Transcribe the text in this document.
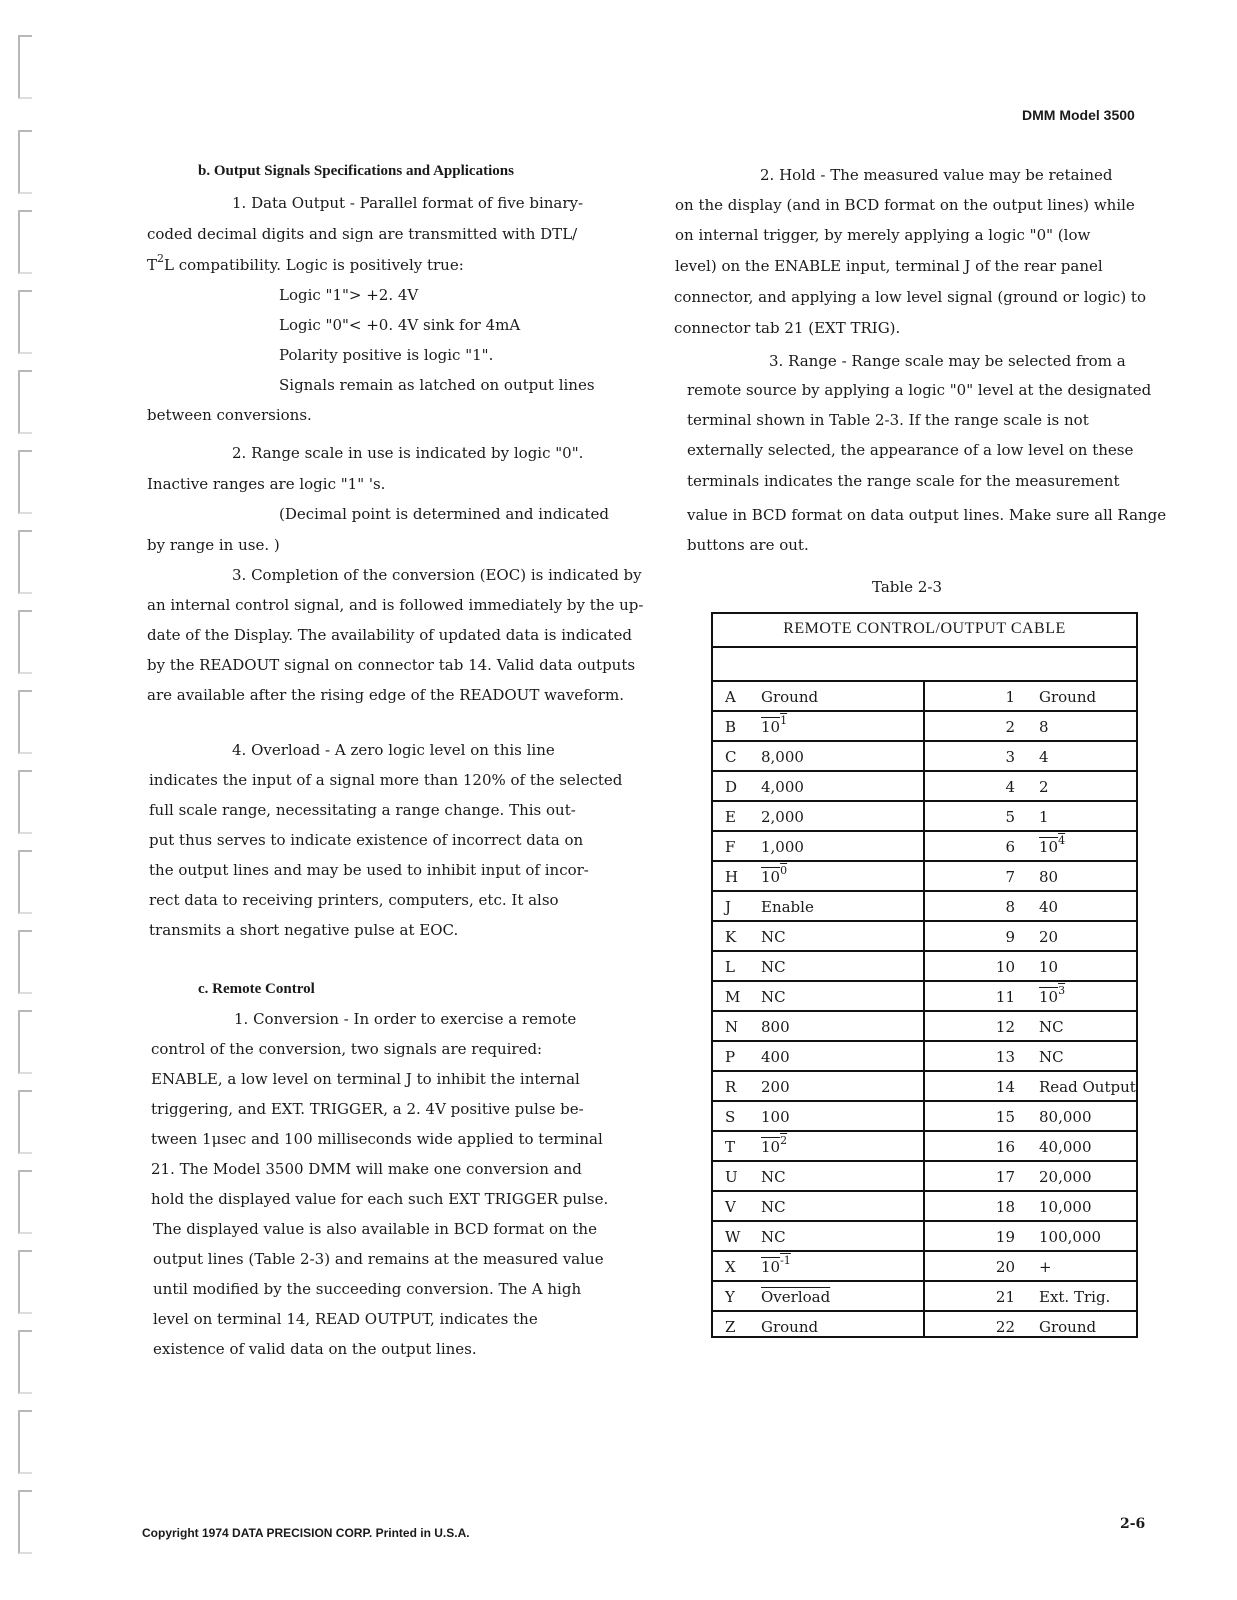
DMM Model 3500
b. Output Signals Specifications and Applications
1. Data Output - Parallel format of five binary-
coded decimal digits and sign are transmitted with DTL/
$T^2L$ compatibility. Logic is positively true:
Logic "1"> +2. 4V
Logic "0"< +0. 4V sink for 4mA
Polarity positive is logic "1".
Signals remain as latched on output lines
between conversions.
2. Range scale in use is indicated by logic "0".
Inactive ranges are logic "1" 's.
(Decimal point is determined and indicated
by range in use. )
3. Completion of the conversion (EOC) is indicated by
an internal control signal, and is followed immediately by the up-
date of the Display. The availability of updated data is indicated
by the READOUT signal on connector tab 14. Valid data outputs
are available after the rising edge of the READOUT waveform.
4. Overload - A zero logic level on this line
indicates the input of a signal more than 120% of the selected
full scale range, necessitating a range change. This out-
put thus serves to indicate existence of incorrect data on
the output lines and may be used to inhibit input of incor-
rect data to receiving printers, computers, etc. It also
transmits a short negative pulse at EOC.
c. Remote Control
1. Conversion - In order to exercise a remote
control of the conversion, two signals are required:
ENABLE, a low level on terminal J to inhibit the internal
triggering, and EXT. TRIGGER, a 2. 4V positive pulse be-
tween 1μsec and 100 milliseconds wide applied to terminal
21. The Model 3500 DMM will make one conversion and
hold the displayed value for each such EXT TRIGGER pulse.
The displayed value is also available in BCD format on the
output lines (Table 2-3) and remains at the measured value
until modified by the succeeding conversion. The A high
level on terminal 14, READ OUTPUT, indicates the
existence of valid data on the output lines.
2. Hold - The measured value may be retained
on the display (and in BCD format on the output lines) while
on internal trigger, by merely applying a logic "0" (low
level) on the ENABLE input, terminal J of the rear panel
connector, and applying a low level signal (ground or logic) to
connector tab 21 (EXT TRIG).
3. Range - Range scale may be selected from a
remote source by applying a logic "0" level at the designated
terminal shown in Table 2-3. If the range scale is not
externally selected, the appearance of a low level on these
terminals indicates the range scale for the measurement
value in BCD format on data output lines. Make sure all Range
buttons are out.
Table 2-3
REMOTE CONTROL/OUTPUT CABLE
A Ground	1 Ground
B $10^1$	2 8
C 8,000	3 4
D 4,000	4 2
E 2,000	5 1
F 1,000	6 $10^4$
H $10^0$	7 80
J Enable	8 40
K NC	9 20
L NC	10 10
M NC	11 $10^3$
N 800	12 NC
P 400	13 NC
R 200	14 Read Output
S 100	15 80,000
T $10^2$	16 40,000
U NC	17 20,000
V NC	18 10,000
W NC	19 100,000
X $10^{-1}$	20 +
Y Overload	21 Ext. Trig.
Z Ground	22 Ground
Copyright 1974 DATA PRECISION CORP. Printed in U.S.A.
2-6
